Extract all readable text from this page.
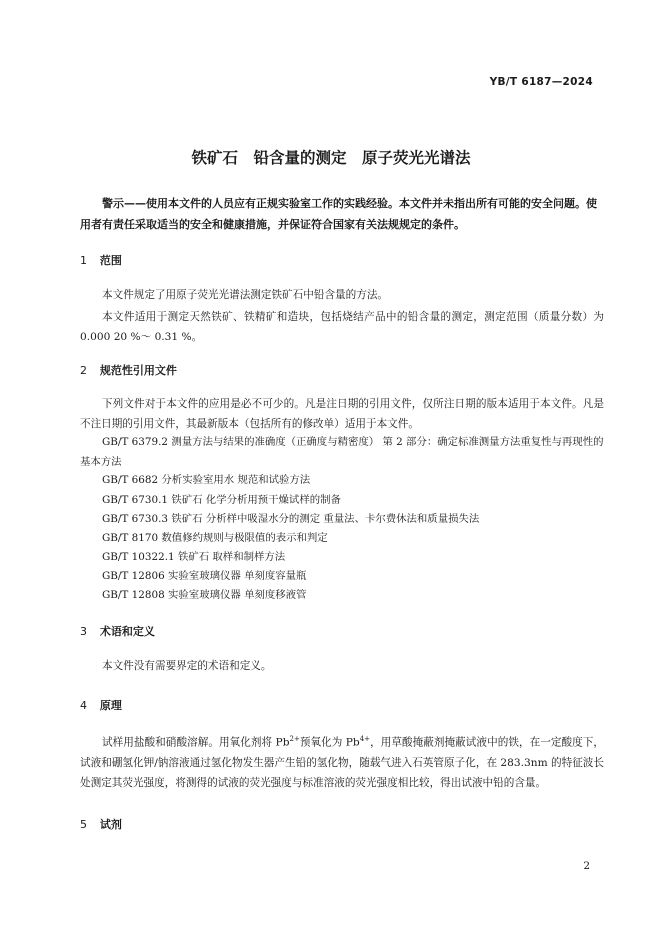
YB/T 6187—2024
铁矿石　铅含量的测定　原子荧光光谱法
警示——使用本文件的人员应有正规实验室工作的实践经验。本文件并未指出所有可能的安全问题。使用者有责任采取适当的安全和健康措施，并保证符合国家有关法规规定的条件。
1 范围
本文件规定了用原子荧光光谱法测定铁矿石中铅含量的方法。
本文件适用于测定天然铁矿、铁精矿和造块，包括烧结产品中的铅含量的测定，测定范围（质量分数）为0.000 20 %～ 0.31 %。
2 规范性引用文件
下列文件对于本文件的应用是必不可少的。凡是注日期的引用文件，仅所注日期的版本适用于本文件。凡是不注日期的引用文件，其最新版本（包括所有的修改单）适用于本文件。
GB/T 6379.2 测量方法与结果的准确度（正确度与精密度） 第 2 部分：确定标准测量方法重复性与再现性的基本方法
GB/T 6682 分析实验室用水 规范和试验方法
GB/T 6730.1 铁矿石 化学分析用预干燥试样的制备
GB/T 6730.3 铁矿石 分析样中吸湿水分的测定 重量法、卡尔费休法和质量损失法
GB/T 8170 数值修约规则与极限值的表示和判定
GB/T 10322.1 铁矿石 取样和制样方法
GB/T 12806 实验室玻璃仪器 单刻度容量瓶
GB/T 12808 实验室玻璃仪器 单刻度移液管
3 术语和定义
本文件没有需要界定的术语和定义。
4 原理
试样用盐酸和硝酸溶解。用氧化剂将 $Pb^{2+}$预氧化为 $Pb^{4+}$，用草酸掩蔽剂掩蔽试液中的铁，在一定酸度下，试液和硼氢化钾/钠溶液通过氢化物发生器产生铅的氢化物，随载气进入石英管原子化，在 283.3nm 的特征波长处测定其荧光强度，将测得的试液的荧光强度与标准溶液的荧光强度相比较，得出试液中铅的含量。
5 试剂
2
